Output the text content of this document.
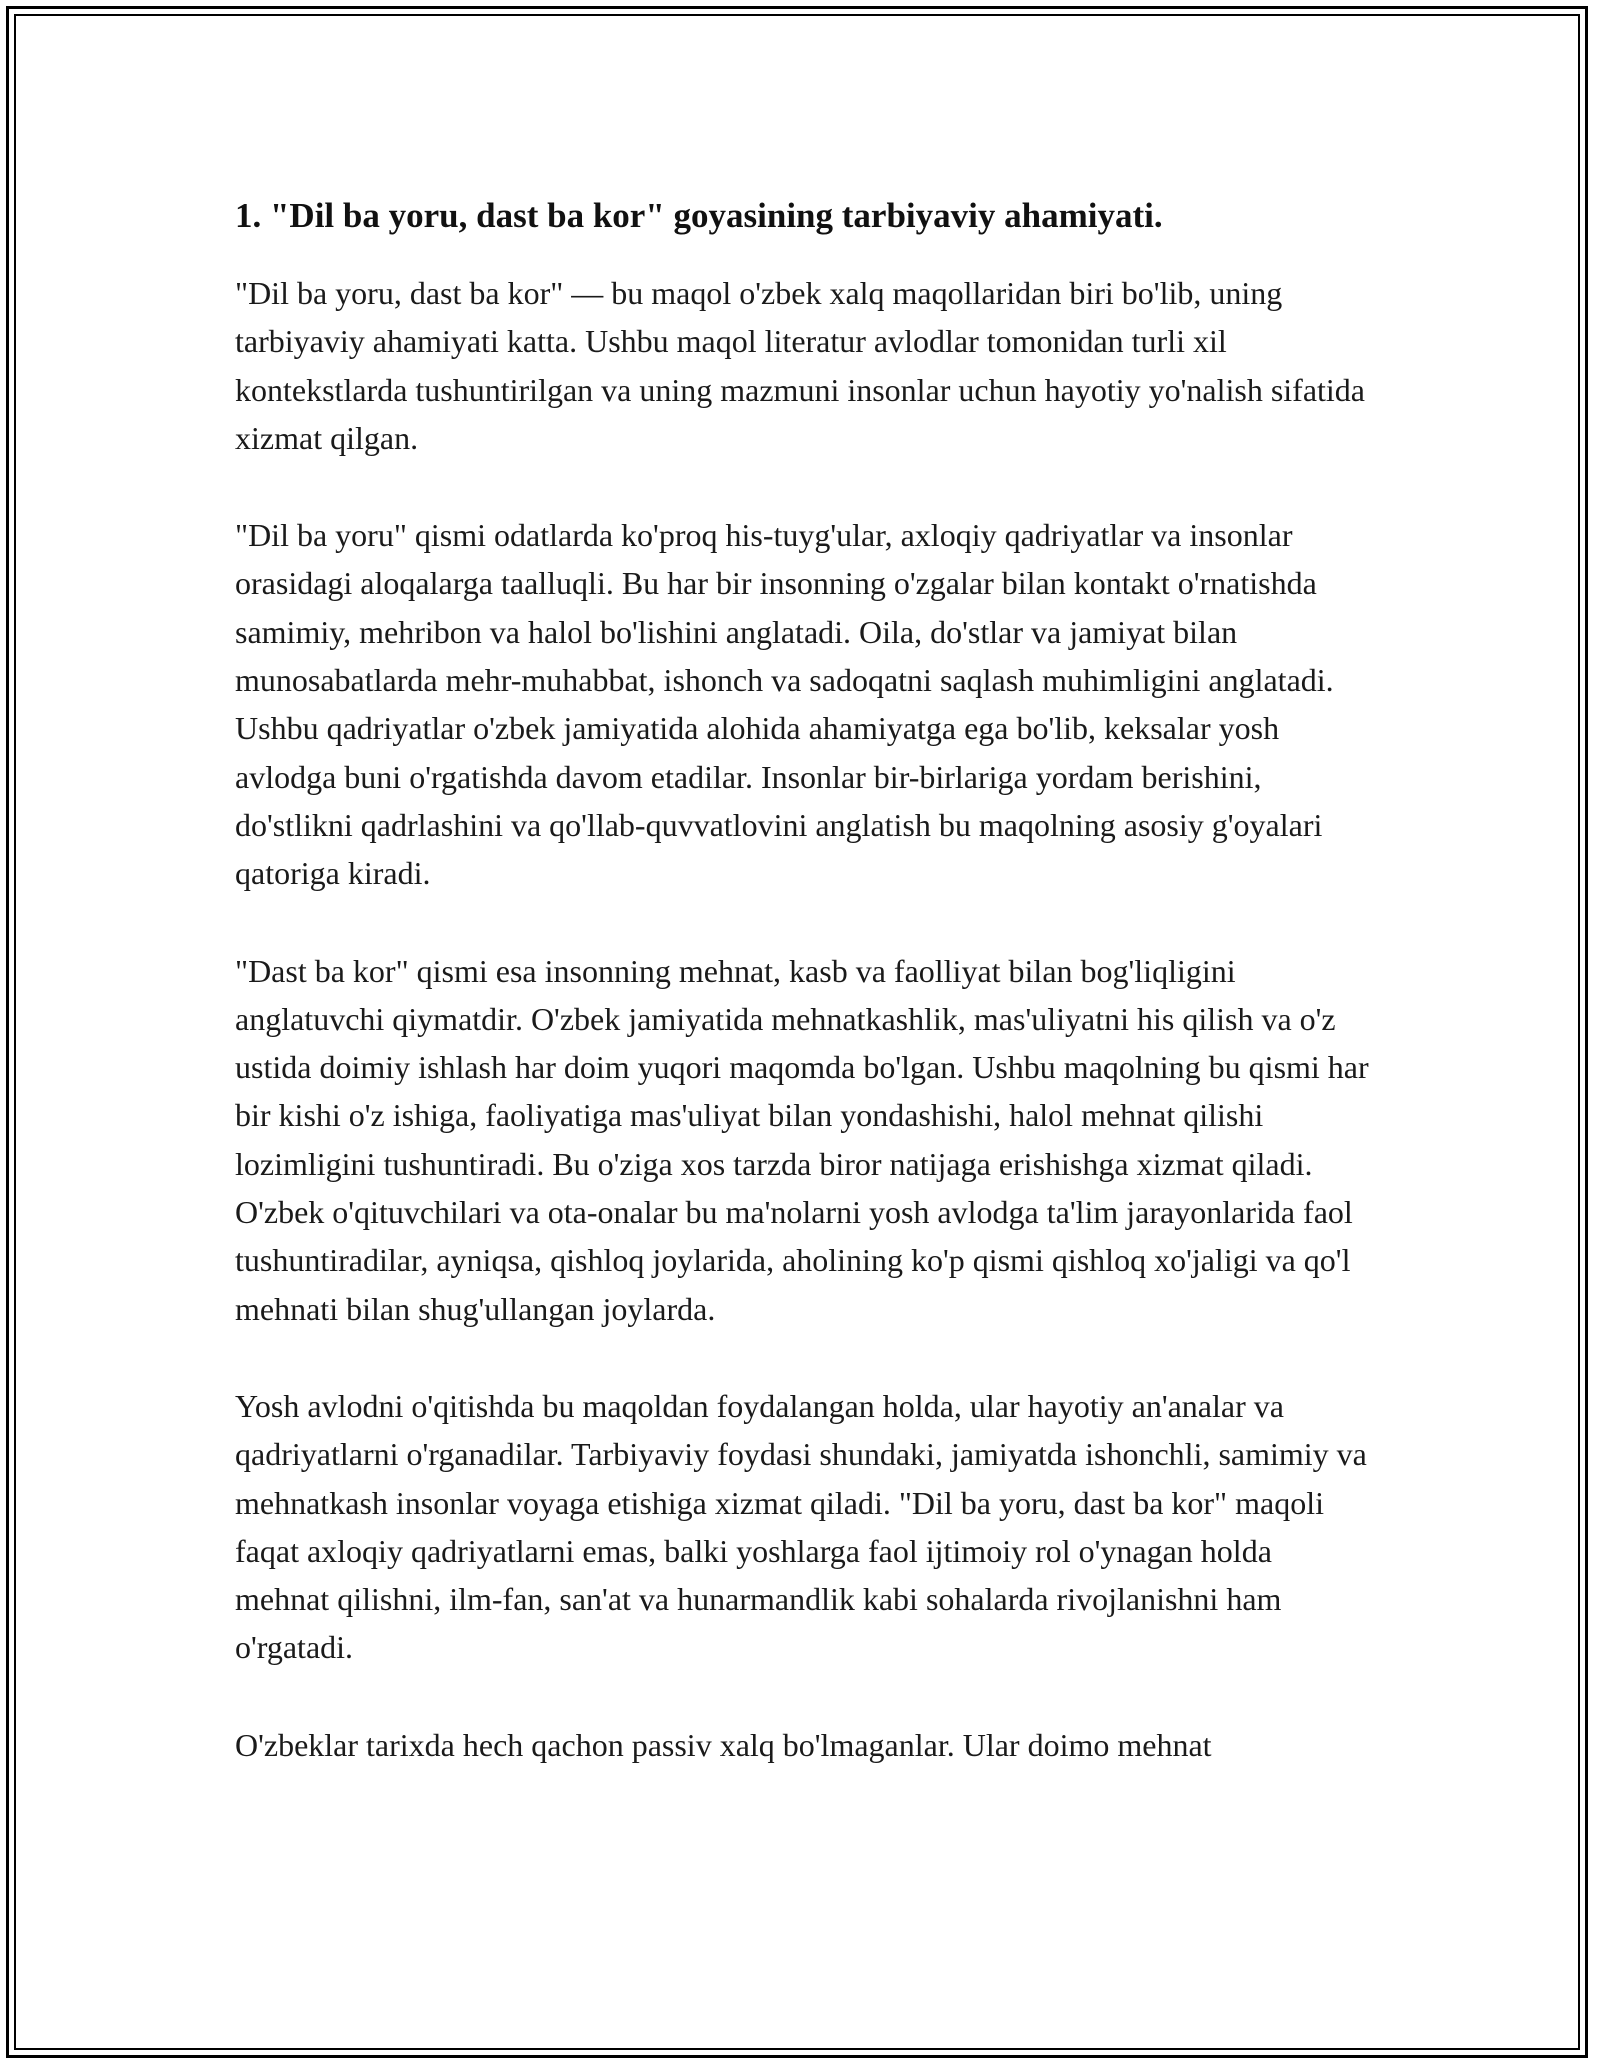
1. "Dil ba yoru, dast ba kor" goyasining tarbiyaviy ahamiyati.

"Dil ba yoru, dast ba kor" — bu maqol o'zbek xalq maqollaridan biri bo'lib, uning tarbiyaviy ahamiyati katta. Ushbu maqol literatur avlodlar tomonidan turli xil kontekstlarda tushuntirilgan va uning mazmuni insonlar uchun hayotiy yo'nalish sifatida xizmat qilgan.

"Dil ba yoru" qismi odatlarda ko'proq his-tuyg'ular, axloqiy qadriyatlar va insonlar orasidagi aloqalarga taalluqli. Bu har bir insonning o'zgalar bilan kontakt o'rnatishda samimiy, mehribon va halol bo'lishini anglatadi. Oila, do'stlar va jamiyat bilan munosabatlarda mehr-muhabbat, ishonch va sadoqatni saqlash muhimligini anglatadi. Ushbu qadriyatlar o'zbek jamiyatida alohida ahamiyatga ega bo'lib, keksalar yosh avlodga buni o'rgatishda davom etadilar. Insonlar bir-birlariga yordam berishini, do'stlikni qadrlashini va qo'llab-quvvatlovini anglatish bu maqolning asosiy g'oyalari qatoriga kiradi.

"Dast ba kor" qismi esa insonning mehnat, kasb va faolliyat bilan bog'liqligini anglatuvchi qiymatdir. O'zbek jamiyatida mehnatkashlik, mas'uliyatni his qilish va o'z ustida doimiy ishlash har doim yuqori maqomda bo'lgan. Ushbu maqolning bu qismi har bir kishi o'z ishiga, faoliyatiga mas'uliyat bilan yondashishi, halol mehnat qilishi lozimligini tushuntiradi. Bu o'ziga xos tarzda biror natijaga erishishga xizmat qiladi. O'zbek o'qituvchilari va ota-onalar bu ma'nolarni yosh avlodga ta'lim jarayonlarida faol tushuntiradilar, ayniqsa, qishloq joylarida, aholining ko'p qismi qishloq xo'jaligi va qo'l mehnati bilan shug'ullangan joylarda.

Yosh avlodni o'qitishda bu maqoldan foydalangan holda, ular hayotiy an'analar va qadriyatlarni o'rganadilar. Tarbiyaviy foydasi shundaki, jamiyatda ishonchli, samimiy va mehnatkash insonlar voyaga etishiga xizmat qiladi. "Dil ba yoru, dast ba kor" maqoli faqat axloqiy qadriyatlarni emas, balki yoshlarga faol ijtimoiy rol o'ynagan holda mehnat qilishni, ilm-fan, san'at va hunarmandlik kabi sohalarda rivojlanishni ham o'rgatadi.

O'zbeklar tarixda hech qachon passiv xalq bo'lmaganlar. Ular doimo mehnat
